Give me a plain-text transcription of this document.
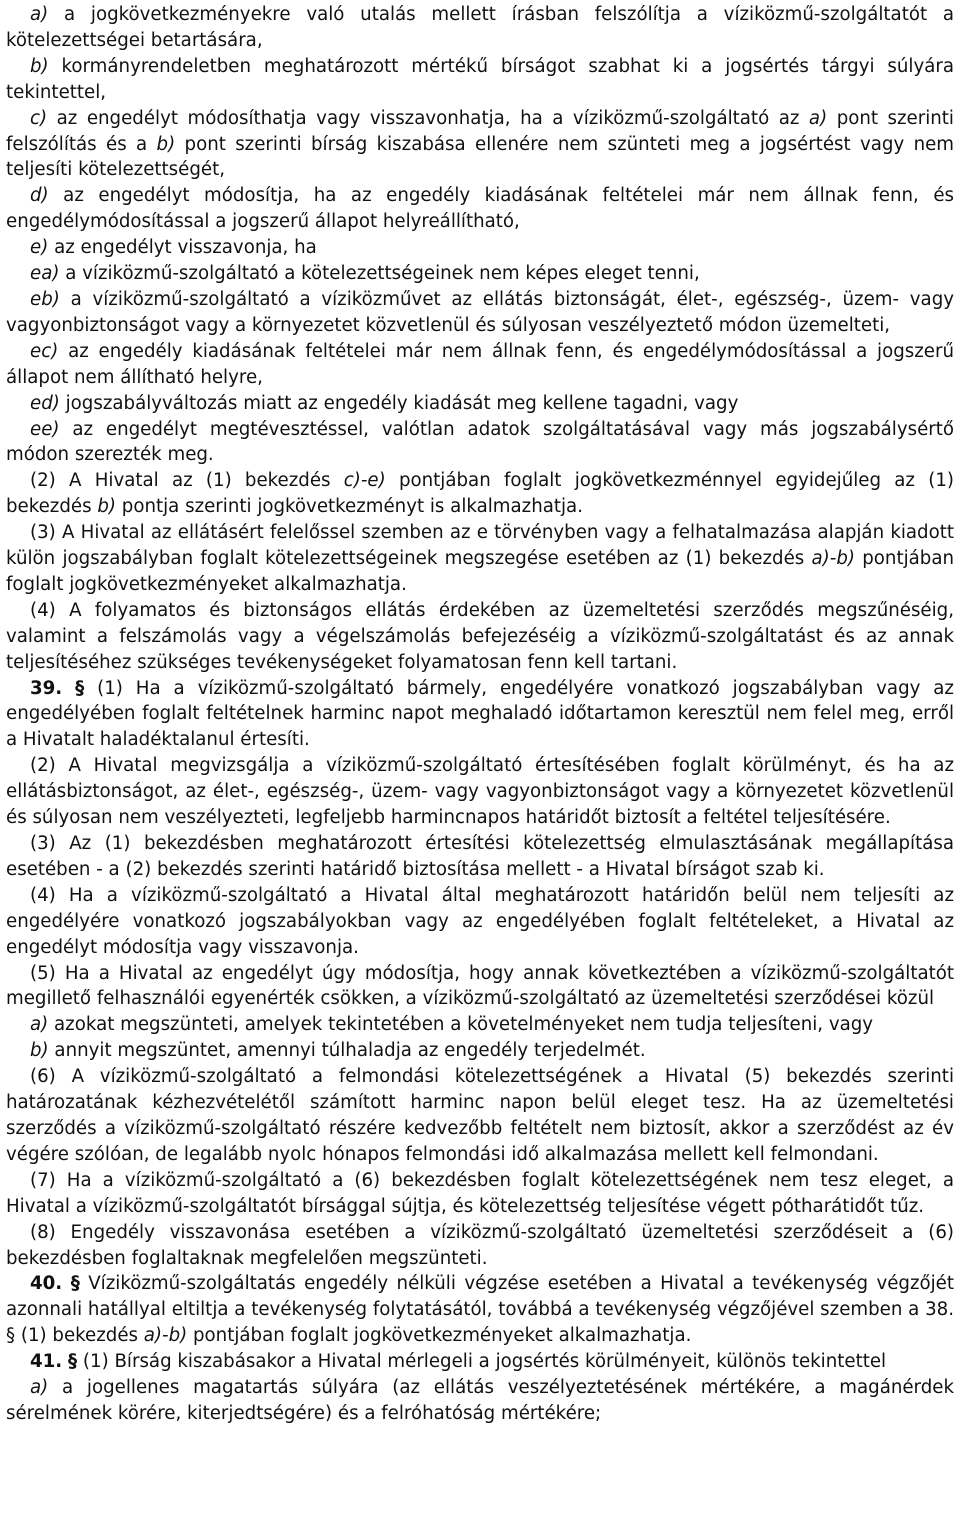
a) a jogkövetkezményekre való utalás mellett írásban felszólítja a víziközmű-szolgáltatót a kötelezettségei betartására,

b) kormányrendeletben meghatározott mértékű bírságot szabhat ki a jogsértés tárgyi súlyára tekintettel,

c) az engedélyt módosíthatja vagy visszavonhatja, ha a víziközmű-szolgáltató az a) pont szerinti felszólítás és a b) pont szerinti bírság kiszabása ellenére nem szünteti meg a jogsértést vagy nem teljesíti kötelezettségét,

d) az engedélyt módosítja, ha az engedély kiadásának feltételei már nem állnak fenn, és engedélymódosítással a jogszerű állapot helyreállítható,

e) az engedélyt visszavonja, ha

ea) a víziközmű-szolgáltató a kötelezettségeinek nem képes eleget tenni,

eb) a víziközmű-szolgáltató a víziközművet az ellátás biztonságát, élet-, egészség-, üzem- vagy vagyonbiztonságot vagy a környezetet közvetlenül és súlyosan veszélyeztető módon üzemelteti,

ec) az engedély kiadásának feltételei már nem állnak fenn, és engedélymódosítással a jogszerű állapot nem állítható helyre,

ed) jogszabályváltozás miatt az engedély kiadását meg kellene tagadni, vagy

ee) az engedélyt megtévesztéssel, valótlan adatok szolgáltatásával vagy más jogszabálysértő módon szerezték meg.

(2) A Hivatal az (1) bekezdés c)-e) pontjában foglalt jogkövetkezménnyel egyidejűleg az (1) bekezdés b) pontja szerinti jogkövetkezményt is alkalmazhatja.

(3) A Hivatal az ellátásért felelőssel szemben az e törvényben vagy a felhatalmazása alapján kiadott külön jogszabályban foglalt kötelezettségeinek megszegése esetében az (1) bekezdés a)-b) pontjában foglalt jogkövetkezményeket alkalmazhatja.

(4) A folyamatos és biztonságos ellátás érdekében az üzemeltetési szerződés megszűnéséig, valamint a felszámolás vagy a végelszámolás befejezéséig a víziközmű-szolgáltatást és az annak teljesítéséhez szükséges tevékenységeket folyamatosan fenn kell tartani.

39. § (1) Ha a víziközmű-szolgáltató bármely, engedélyére vonatkozó jogszabályban vagy az engedélyében foglalt feltételnek harminc napot meghaladó időtartamon keresztül nem felel meg, erről a Hivatalt haladéktalanul értesíti.

(2) A Hivatal megvizsgálja a víziközmű-szolgáltató értesítésében foglalt körülményt, és ha az ellátásbiztonságot, az élet-, egészség-, üzem- vagy vagyonbiztonságot vagy a környezetet közvetlenül és súlyosan nem veszélyezteti, legfeljebb harmincnapos határidőt biztosít a feltétel teljesítésére.

(3) Az (1) bekezdésben meghatározott értesítési kötelezettség elmulasztásának megállapítása esetében - a (2) bekezdés szerinti határidő biztosítása mellett - a Hivatal bírságot szab ki.

(4) Ha a víziközmű-szolgáltató a Hivatal által meghatározott határidőn belül nem teljesíti az engedélyére vonatkozó jogszabályokban vagy az engedélyében foglalt feltételeket, a Hivatal az engedélyt módosítja vagy visszavonja.

(5) Ha a Hivatal az engedélyt úgy módosítja, hogy annak következtében a víziközmű-szolgáltatót megillető felhasználói egyenérték csökken, a víziközmű-szolgáltató az üzemeltetési szerződései közül

a) azokat megszünteti, amelyek tekintetében a követelményeket nem tudja teljesíteni, vagy

b) annyit megszüntet, amennyi túlhaladja az engedély terjedelmét.

(6) A víziközmű-szolgáltató a felmondási kötelezettségének a Hivatal (5) bekezdés szerinti határozatának kézhezvételétől számított harminc napon belül eleget tesz. Ha az üzemeltetési szerződés a víziközmű-szolgáltató részére kedvezőbb feltételt nem biztosít, akkor a szerződést az év végére szólóan, de legalább nyolc hónapos felmondási idő alkalmazása mellett kell felmondani.

(7) Ha a víziközmű-szolgáltató a (6) bekezdésben foglalt kötelezettségének nem tesz eleget, a Hivatal a víziközmű-szolgáltatót bírsággal sújtja, és kötelezettség teljesítése végett pótharátidőt tűz.

(8) Engedély visszavonása esetében a víziközmű-szolgáltató üzemeltetési szerződéseit a (6) bekezdésben foglaltaknak megfelelően megszünteti.

40. § Víziközmű-szolgáltatás engedély nélküli végzése esetében a Hivatal a tevékenység végzőjét azonnali hatállyal eltiltja a tevékenység folytatásától, továbbá a tevékenység végzőjével szemben a 38. § (1) bekezdés a)-b) pontjában foglalt jogkövetkezményeket alkalmazhatja.

41. § (1) Bírság kiszabásakor a Hivatal mérlegeli a jogsértés körülményeit, különös tekintettel

a) a jogellenes magatartás súlyára (az ellátás veszélyeztetésének mértékére, a magánérdek sérelmének körére, kiterjedtségére) és a felróhatóság mértékére;
